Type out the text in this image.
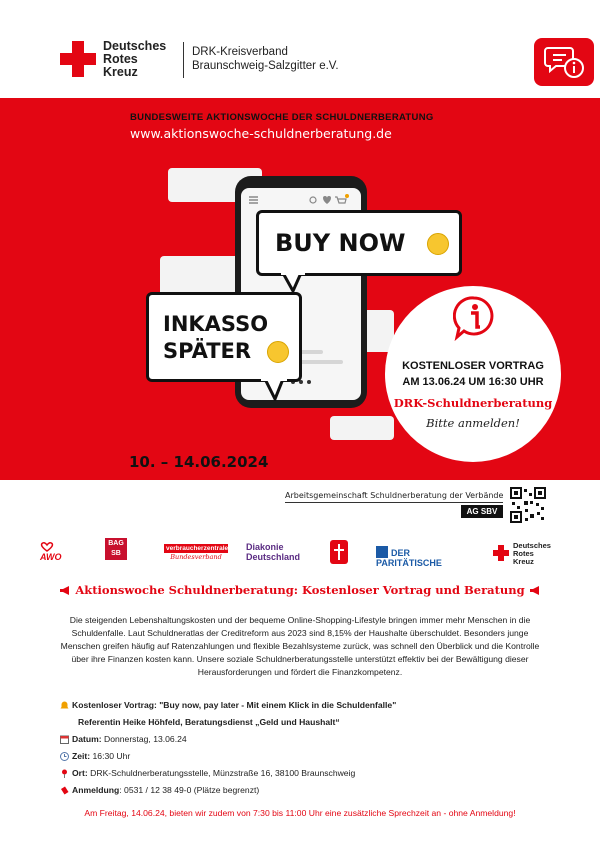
Deutsches
Rotes
Kreuz
DRK-Kreisverband
Braunschweig-Salzgitter e.V.
BUNDESWEITE AKTIONSWOCHE DER SCHULDNERBERATUNG
www.aktionswoche-schuldnerberatung.de
BUY NOW
INKASSO
SPÄTER
KOSTENLOSER VORTRAG
AM 13.06.24 UM 16:30 UHR
DRK-Schuldnerberatung
Bitte anmelden!
10. – 14.06.2024
Arbeitsgemeinschaft Schuldnerberatung der Verbände
AG SBV
AWO
BAG
SB
verbraucherzentrale
Bundesverband
Diakonie
Deutschland	DER PARITÄTISCHE
Deutsches
Rotes
Kreuz
Aktionswoche Schuldnerberatung: Kostenloser Vortrag und Beratung
Die steigenden Lebenshaltungskosten und der bequeme Online-Shopping-Lifestyle bringen immer mehr Menschen in die Schuldenfalle. Laut Schuldneratlas der Creditreform aus 2023 sind 8,15% der Haushalte überschuldet. Besonders junge Menschen greifen häufig auf Ratenzahlungen und flexible Bezahlsysteme zurück, was schnell den Überblick und die Kontrolle über ihre Finanzen kosten kann. Unsere soziale Schuldnerberatungsstelle unterstützt effektiv bei der Bewältigung dieser Herausforderungen und fördert die Finanzkompetenz.
Kostenloser Vortrag: "Buy now, pay later - Mit einem Klick in die Schuldenfalle"
Referentin Heike Höhfeld, Beratungsdienst „Geld und Haushalt“
Datum: Donnerstag, 13.06.24
Zeit: 16:30 Uhr
Ort: DRK-Schuldnerberatungsstelle, Münzstraße 16, 38100 Braunschweig
Anmeldung: 0531 / 12 38 49-0 (Plätze begrenzt)
Am Freitag, 14.06.24, bieten wir zudem von 7:30 bis 11:00 Uhr eine zusätzliche Sprechzeit an - ohne Anmeldung!
